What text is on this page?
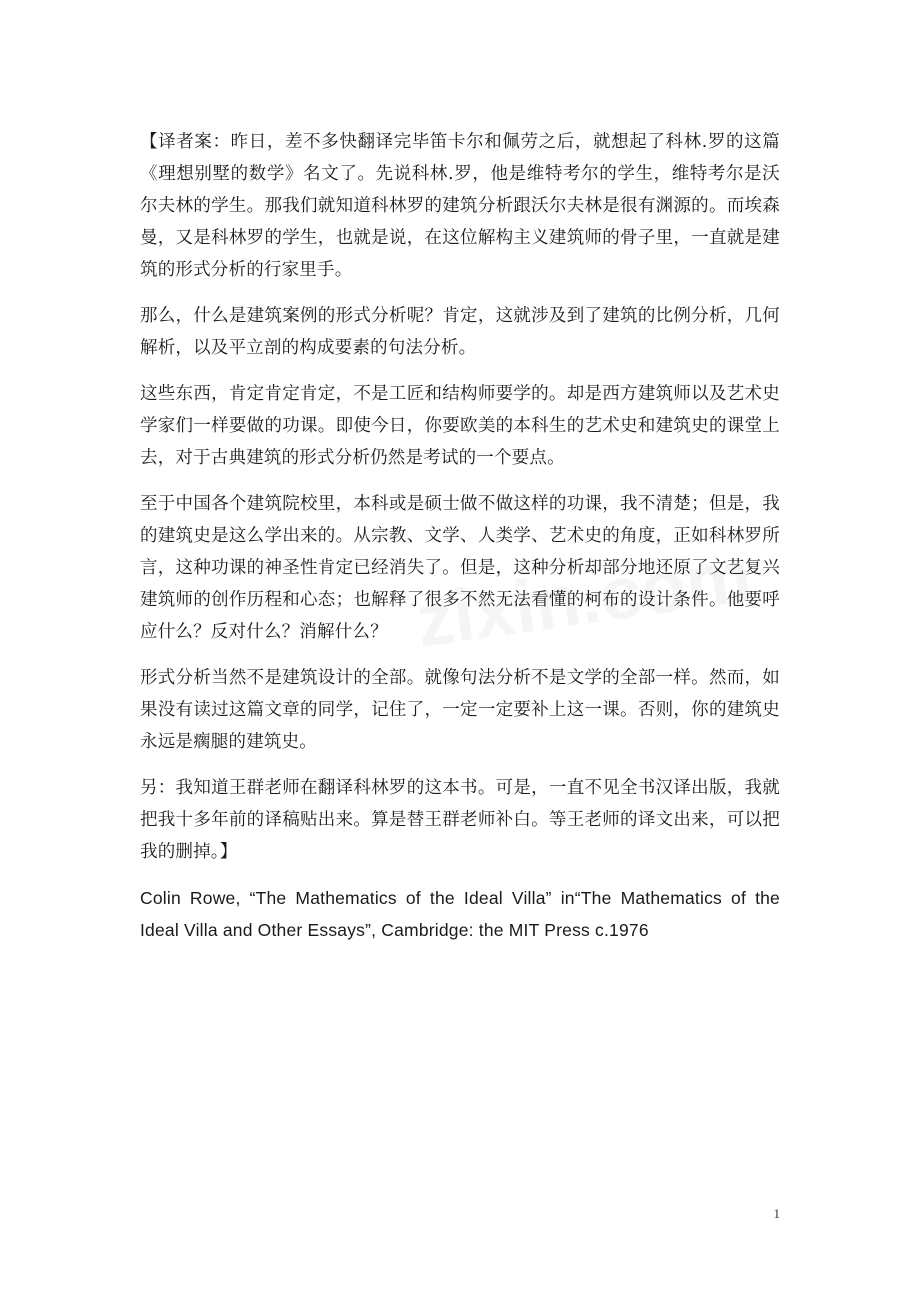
【译者案：昨日，差不多快翻译完毕笛卡尔和佩劳之后，就想起了科林.罗的这篇《理想别墅的数学》名文了。先说科林.罗，他是维特考尔的学生，维特考尔是沃尔夫林的学生。那我们就知道科林罗的建筑分析跟沃尔夫林是很有渊源的。而埃森曼，又是科林罗的学生，也就是说，在这位解构主义建筑师的骨子里，一直就是建筑的形式分析的行家里手。

那么，什么是建筑案例的形式分析呢？肯定，这就涉及到了建筑的比例分析，几何解析，以及平立剖的构成要素的句法分析。

这些东西，肯定肯定肯定，不是工匠和结构师要学的。却是西方建筑师以及艺术史学家们一样要做的功课。即使今日，你要欧美的本科生的艺术史和建筑史的课堂上去，对于古典建筑的形式分析仍然是考试的一个要点。

至于中国各个建筑院校里，本科或是硕士做不做这样的功课，我不清楚；但是，我的建筑史是这么学出来的。从宗教、文学、人类学、艺术史的角度，正如科林罗所言，这种功课的神圣性肯定已经消失了。但是，这种分析却部分地还原了文艺复兴建筑师的创作历程和心态；也解释了很多不然无法看懂的柯布的设计条件。他要呼应什么？反对什么？消解什么？

形式分析当然不是建筑设计的全部。就像句法分析不是文学的全部一样。然而，如果没有读过这篇文章的同学，记住了，一定一定要补上这一课。否则，你的建筑史永远是瘸腿的建筑史。

另：我知道王群老师在翻译科林罗的这本书。可是，一直不见全书汉译出版，我就把我十多年前的译稿贴出来。算是替王群老师补白。等王老师的译文出来，可以把我的删掉。】

Colin Rowe, “The Mathematics of the Ideal Villa” in“The Mathematics of the Ideal Villa and Other Essays”, Cambridge: the MIT Press c.1976

1
